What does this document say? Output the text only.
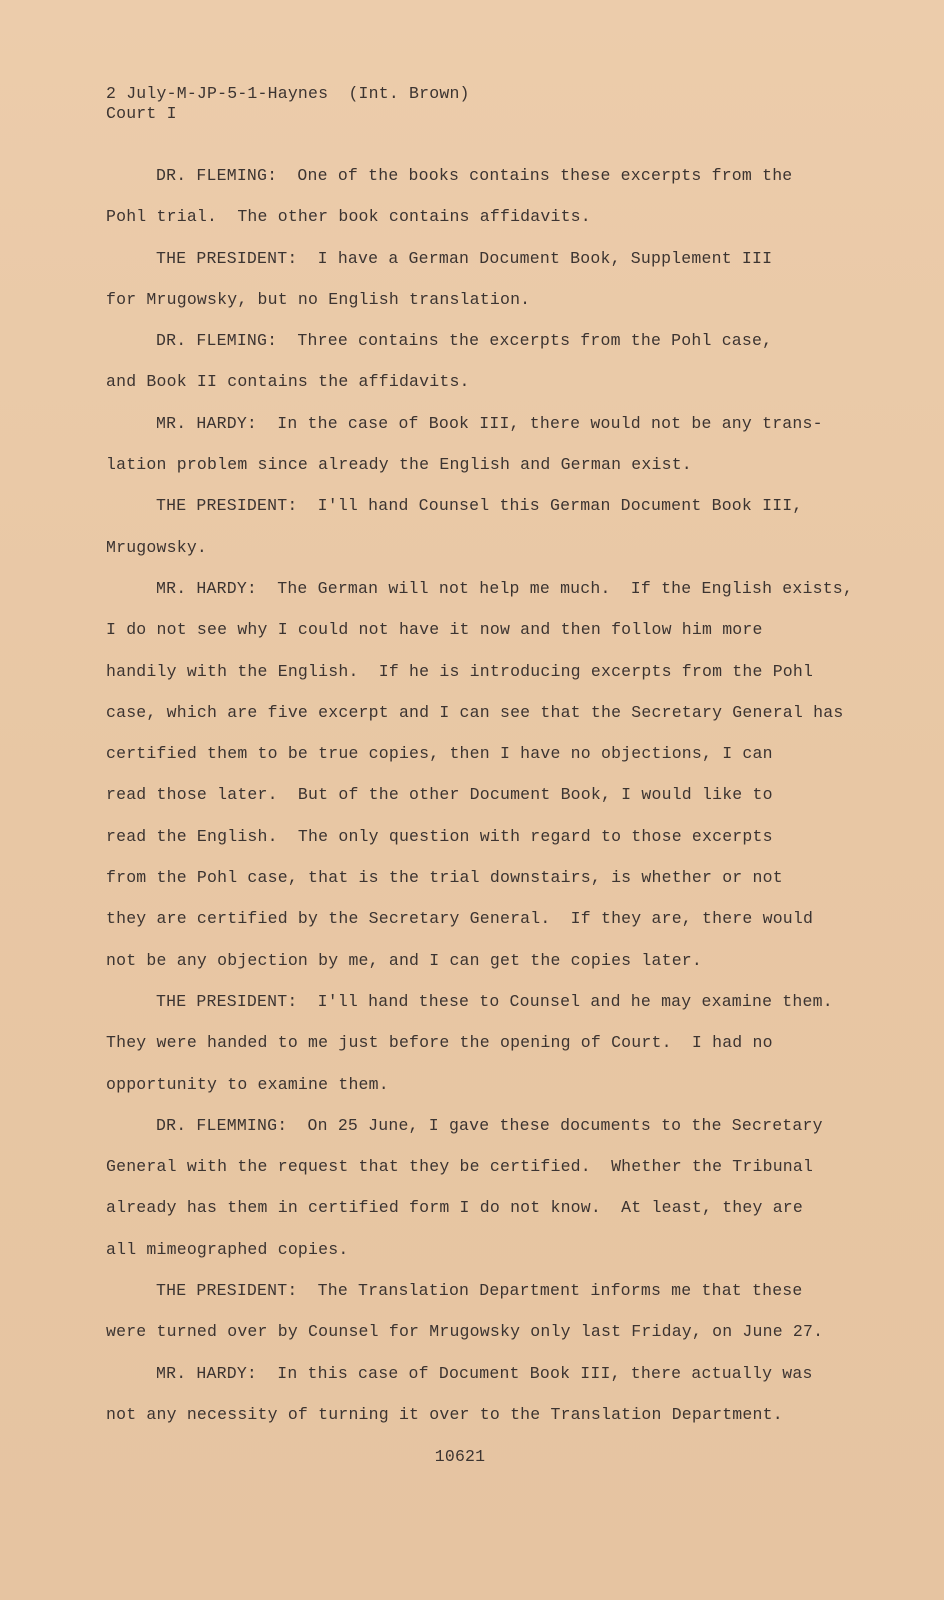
2 July-M-JP-5-1-Haynes  (Int. Brown)
Court I
DR. FLEMING:  One of the books contains these excerpts from the
Pohl trial.  The other book contains affidavits.
THE PRESIDENT:  I have a German Document Book, Supplement III
for Mrugowsky, but no English translation.
DR. FLEMING:  Three contains the excerpts from the Pohl case,
and Book II contains the affidavits.
MR. HARDY:  In the case of Book III, there would not be any trans-
lation problem since already the English and German exist.
THE PRESIDENT:  I'll hand Counsel this German Document Book III,
Mrugowsky.
MR. HARDY:  The German will not help me much.  If the English exists,
I do not see why I could not have it now and then follow him more
handily with the English.  If he is introducing excerpts from the Pohl
case, which are five excerpt and I can see that the Secretary General has
certified them to be true copies, then I have no objections, I can
read those later.  But of the other Document Book, I would like to
read the English.  The only question with regard to those excerpts
from the Pohl case, that is the trial downstairs, is whether or not
they are certified by the Secretary General.  If they are, there would
not be any objection by me, and I can get the copies later.
THE PRESIDENT:  I'll hand these to Counsel and he may examine them.
They were handed to me just before the opening of Court.  I had no
opportunity to examine them.
DR. FLEMMING:  On 25 June, I gave these documents to the Secretary
General with the request that they be certified.  Whether the Tribunal
already has them in certified form I do not know.  At least, they are
all mimeographed copies.
THE PRESIDENT:  The Translation Department informs me that these
were turned over by Counsel for Mrugowsky only last Friday, on June 27.
MR. HARDY:  In this case of Document Book III, there actually was
not any necessity of turning it over to the Translation Department.
10621
